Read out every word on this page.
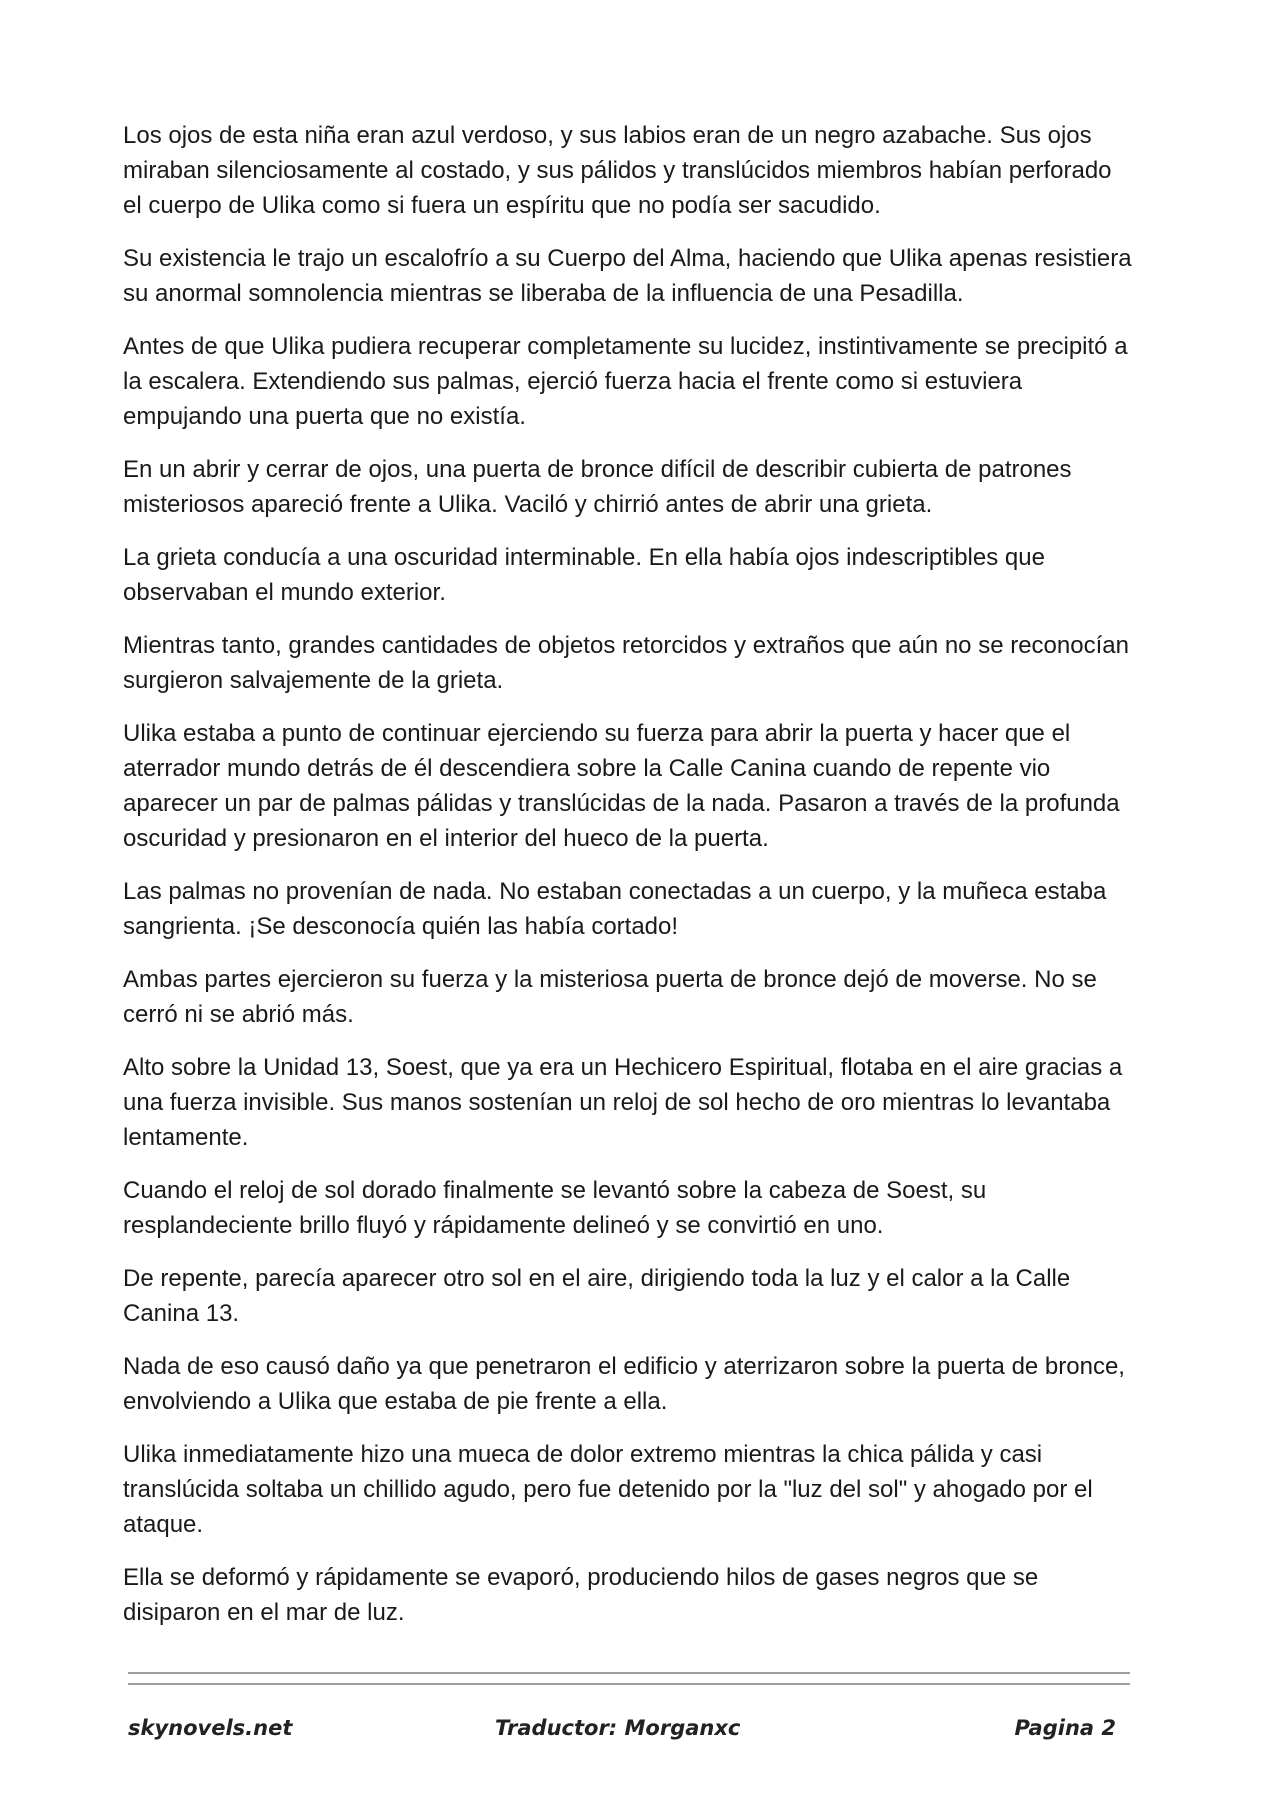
Los ojos de esta niña eran azul verdoso, y sus labios eran de un negro azabache. Sus ojos miraban silenciosamente al costado, y sus pálidos y translúcidos miembros habían perforado el cuerpo de Ulika como si fuera un espíritu que no podía ser sacudido.

Su existencia le trajo un escalofrío a su Cuerpo del Alma, haciendo que Ulika apenas resistiera su anormal somnolencia mientras se liberaba de la influencia de una Pesadilla.

Antes de que Ulika pudiera recuperar completamente su lucidez, instintivamente se precipitó a la escalera. Extendiendo sus palmas, ejerció fuerza hacia el frente como si estuviera empujando una puerta que no existía.

En un abrir y cerrar de ojos, una puerta de bronce difícil de describir cubierta de patrones misteriosos apareció frente a Ulika. Vaciló y chirrió antes de abrir una grieta.

La grieta conducía a una oscuridad interminable. En ella había ojos indescriptibles que observaban el mundo exterior.

Mientras tanto, grandes cantidades de objetos retorcidos y extraños que aún no se reconocían surgieron salvajemente de la grieta.

Ulika estaba a punto de continuar ejerciendo su fuerza para abrir la puerta y hacer que el aterrador mundo detrás de él descendiera sobre la Calle Canina cuando de repente vio aparecer un par de palmas pálidas y translúcidas de la nada. Pasaron a través de la profunda oscuridad y presionaron en el interior del hueco de la puerta.

Las palmas no provenían de nada. No estaban conectadas a un cuerpo, y la muñeca estaba sangrienta. ¡Se desconocía quién las había cortado!

Ambas partes ejercieron su fuerza y la misteriosa puerta de bronce dejó de moverse. No se cerró ni se abrió más.

Alto sobre la Unidad 13, Soest, que ya era un Hechicero Espiritual, flotaba en el aire gracias a una fuerza invisible. Sus manos sostenían un reloj de sol hecho de oro mientras lo levantaba lentamente.

Cuando el reloj de sol dorado finalmente se levantó sobre la cabeza de Soest, su resplandeciente brillo fluyó y rápidamente delineó y se convirtió en uno.

De repente, parecía aparecer otro sol en el aire, dirigiendo toda la luz y el calor a la Calle Canina 13.

Nada de eso causó daño ya que penetraron el edificio y aterrizaron sobre la puerta de bronce, envolviendo a Ulika que estaba de pie frente a ella.

Ulika inmediatamente hizo una mueca de dolor extremo mientras la chica pálida y casi translúcida soltaba un chillido agudo, pero fue detenido por la "luz del sol" y ahogado por el ataque.

Ella se deformó y rápidamente se evaporó, produciendo hilos de gases negros que se disiparon en el mar de luz.

skynovels.net	Traductor: Morganxc	Pagina 2
